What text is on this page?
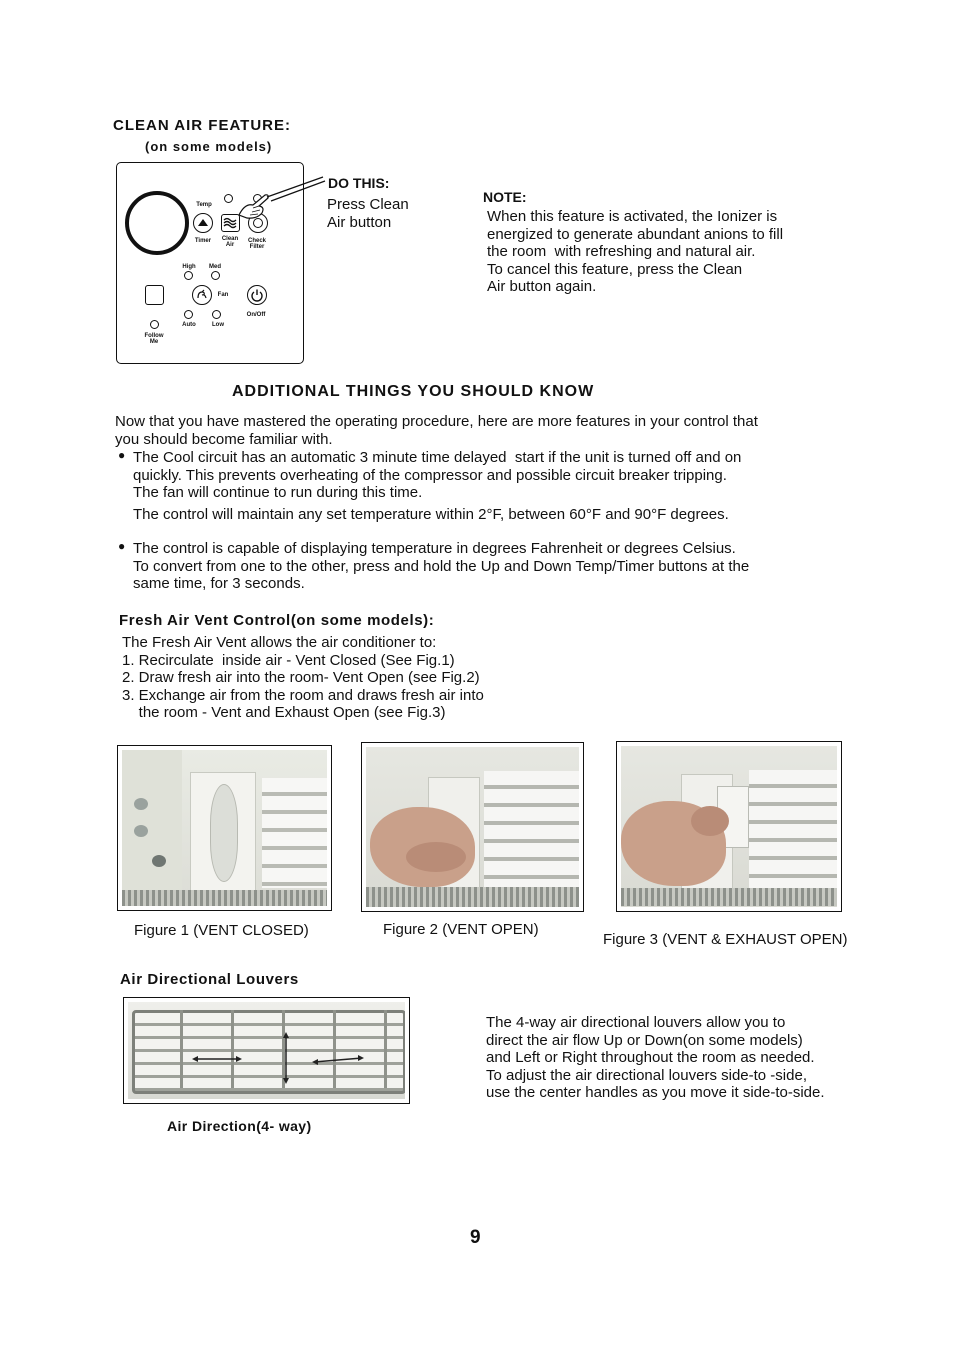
CLEAN AIR FEATURE:
(on some models)
Temp
Timer	Clean
Air
Check
Filter
High	Med
Fan
On/Off
Auto	Low
Follow
Me
DO THIS:
Press Clean
Air button
NOTE:
When this feature is activated, the Ionizer is
energized to generate abundant anions to fill
the room  with refreshing and natural air.
To cancel this feature, press the Clean
Air button again.
ADDITIONAL THINGS YOU SHOULD KNOW
Now that you have mastered the operating procedure, here are more features in your control that
you should become familiar with.
● The Cool circuit has an automatic 3 minute time delayed  start if the unit is turned off and on
quickly. This prevents overheating of the compressor and possible circuit breaker tripping.
The fan will continue to run during this time.
The control will maintain any set temperature within 2°F, between 60°F and 90°F degrees.
● The control is capable of displaying temperature in degrees Fahrenheit or degrees Celsius.
To convert from one to the other, press and hold the Up and Down Temp/Timer buttons at the
same time, for 3 seconds.
Fresh Air Vent Control(on some models):
The Fresh Air Vent allows the air conditioner to:
1. Recirculate  inside air - Vent Closed (See Fig.1)
2. Draw fresh air into the room- Vent Open (see Fig.2)
3. Exchange air from the room and draws fresh air into
the room - Vent and Exhaust Open (see Fig.3)
Figure 1 (VENT CLOSED)	Figure 2 (VENT OPEN)
Figure 3 (VENT & EXHAUST OPEN)
Air Directional Louvers
Air Direction(4- way)
The 4-way air directional louvers allow you to
direct the air flow Up or Down(on some models)
and Left or Right throughout the room as needed.
To adjust the air directional louvers side-to -side,
use the center handles as you move it side-to-side.
9
